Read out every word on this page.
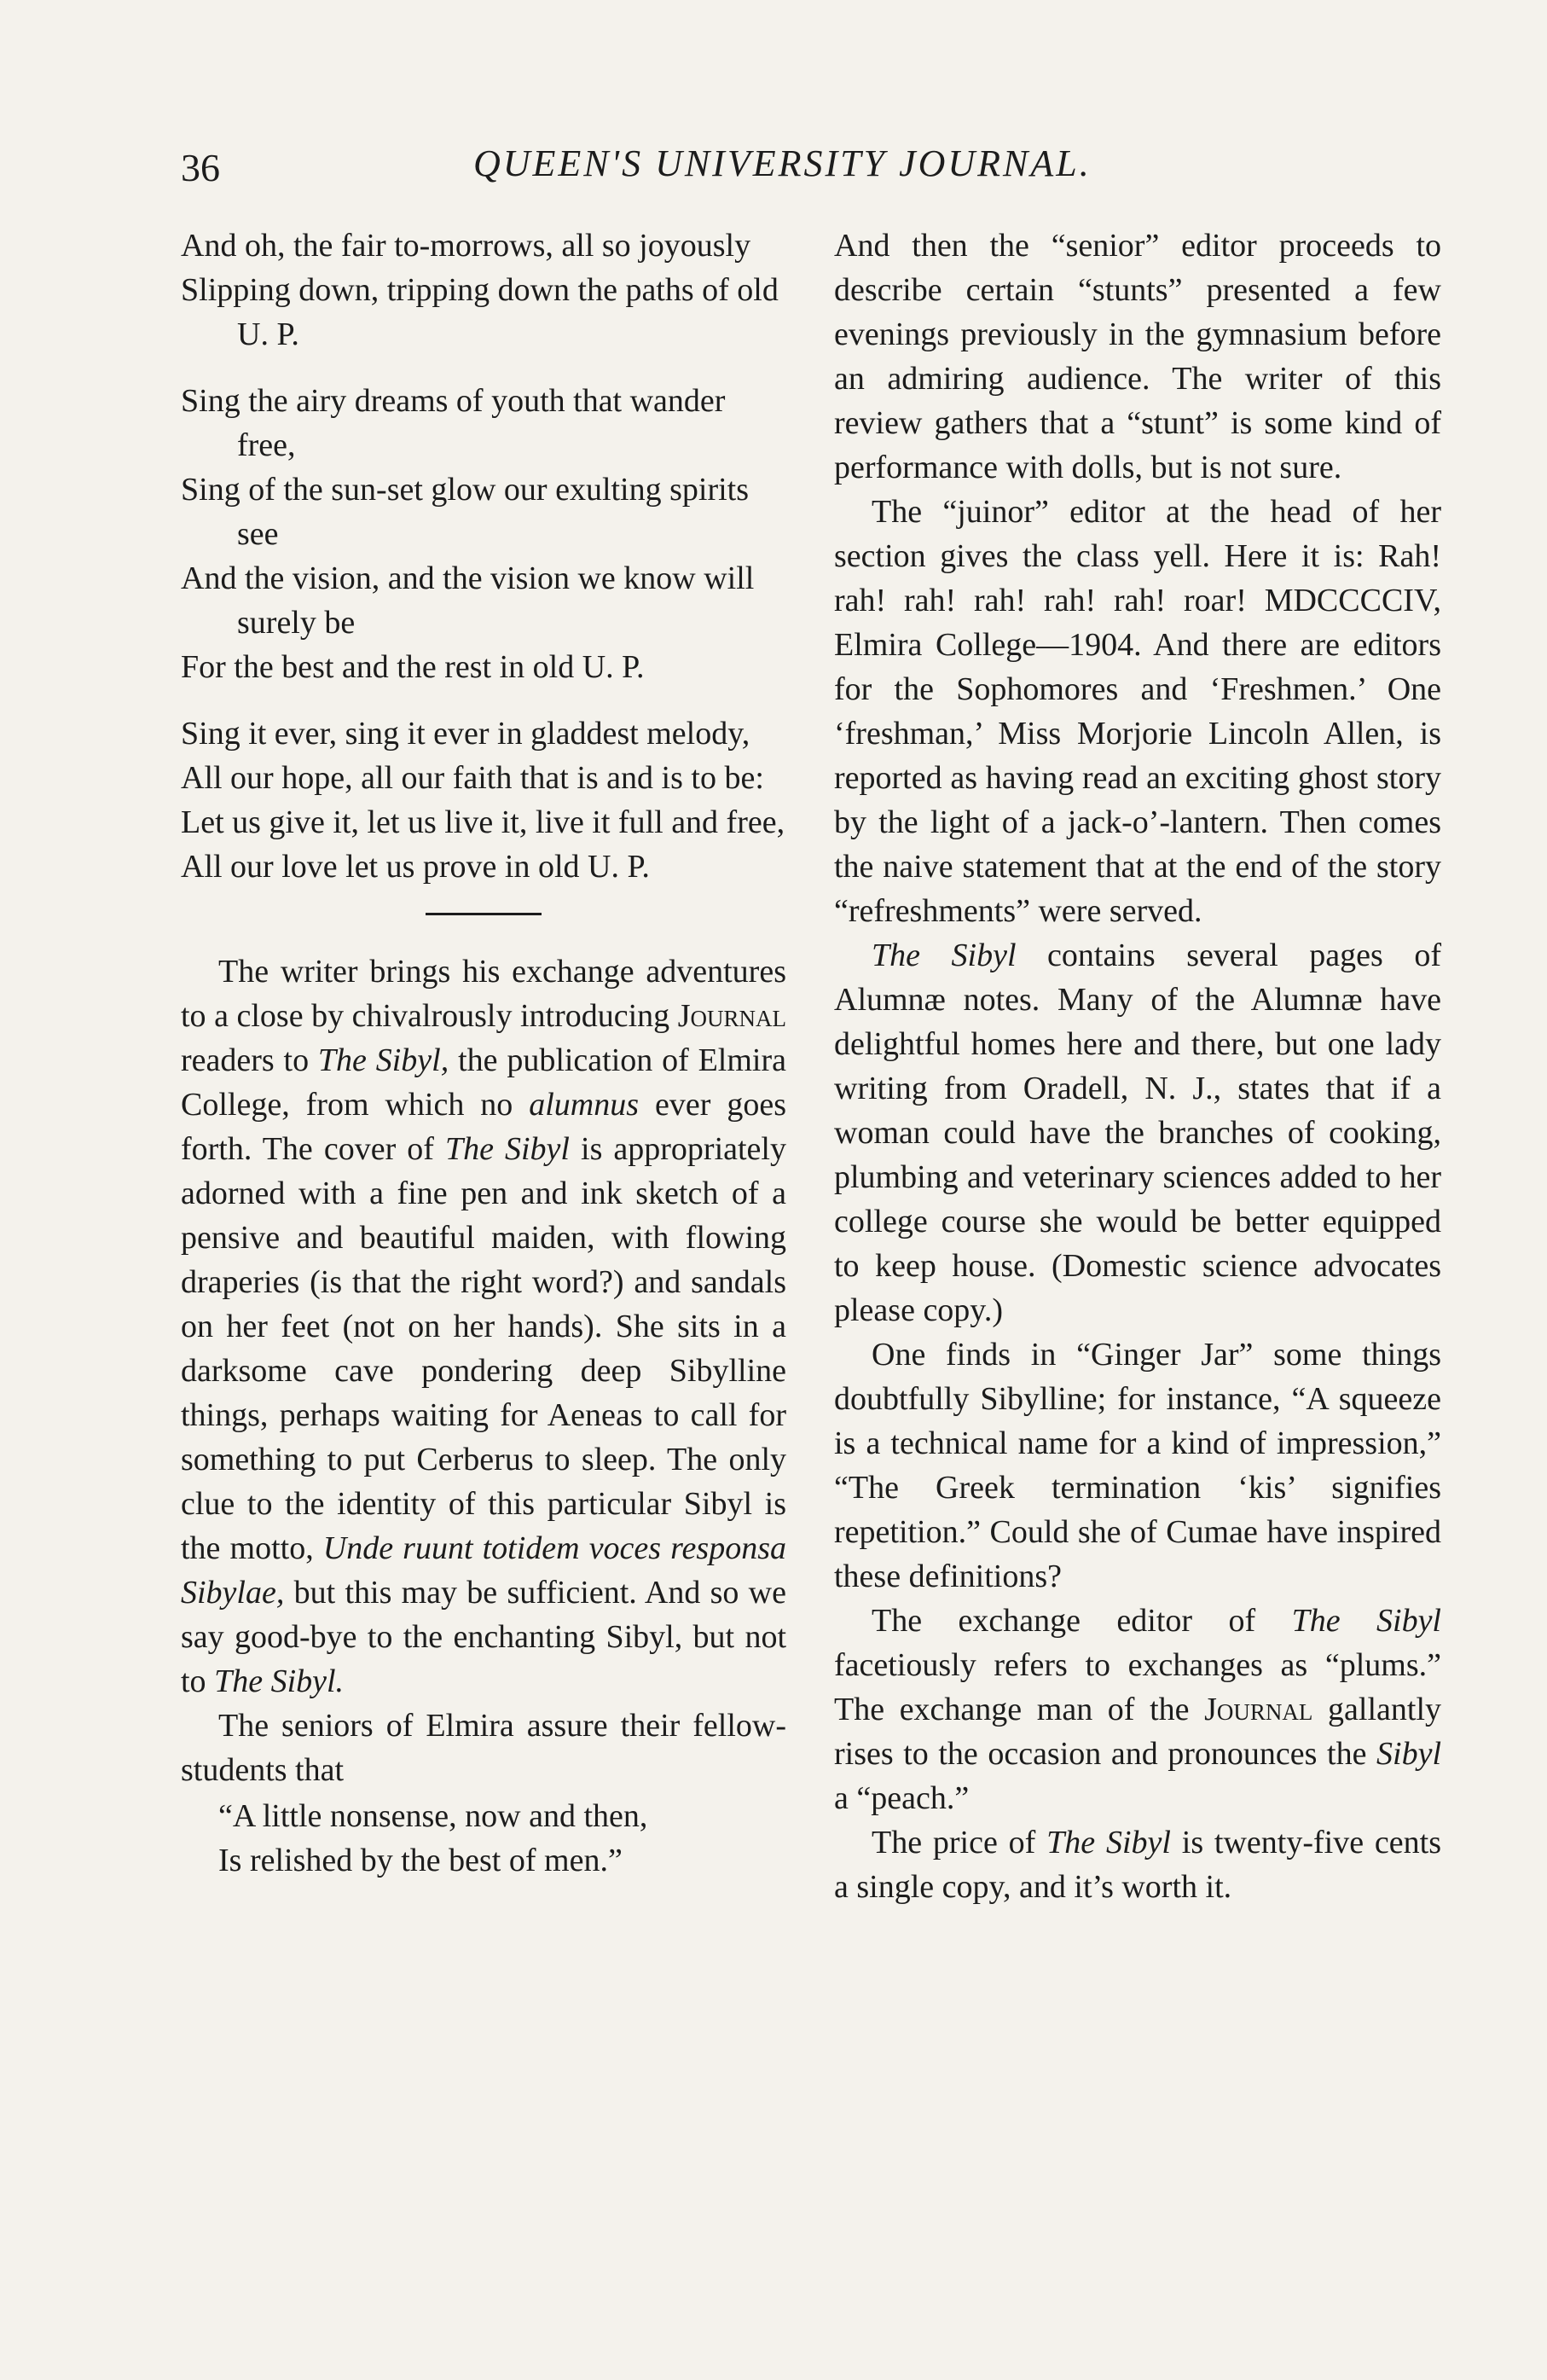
36	QUEEN'S UNIVERSITY JOURNAL.

And oh, the fair to-morrows, all so joyously

Slipping down, tripping down the paths of old U. P.

Sing the airy dreams of youth that wander free,

Sing of the sun-set glow our exulting spirits see

And the vision, and the vision we know will surely be

For the best and the rest in old U. P.

Sing it ever, sing it ever in gladdest melody,

All our hope, all our faith that is and is to be:

Let us give it, let us live it, live it full and free,

All our love let us prove in old U. P.

The writer brings his exchange adventures to a close by chivalrously introducing Journal readers to The Sibyl, the publication of Elmira College, from which no alumnus ever goes forth. The cover of The Sibyl is appropriately adorned with a fine pen and ink sketch of a pensive and beautiful maiden, with flowing draperies (is that the right word?) and sandals on her feet (not on her hands). She sits in a darksome cave pondering deep Sibylline things, perhaps waiting for Aeneas to call for something to put Cerberus to sleep. The only clue to the identity of this particular Sibyl is the motto, Unde ruunt totidem voces responsa Sibylae, but this may be sufficient. And so we say good-bye to the enchanting Sibyl, but not to The Sibyl.

The seniors of Elmira assure their fellow-students that

“A little nonsense, now and then,

Is relished by the best of men.”

And then the “senior” editor proceeds to describe certain “stunts” presented a few evenings previously in the gymnasium before an admiring audience. The writer of this review gathers that a “stunt” is some kind of performance with dolls, but is not sure.

The “juinor” editor at the head of her section gives the class yell. Here it is: Rah! rah! rah! rah! rah! rah! roar! MDCCCCIV, Elmira College—1904. And there are editors for the Sophomores and ‘Freshmen.’ One ‘freshman,’ Miss Morjorie Lincoln Allen, is reported as having read an exciting ghost story by the light of a jack-o’-lantern. Then comes the naive statement that at the end of the story “refreshments” were served.

The Sibyl contains several pages of Alumnæ notes. Many of the Alumnæ have delightful homes here and there, but one lady writing from Oradell, N. J., states that if a woman could have the branches of cooking, plumbing and veterinary sciences added to her college course she would be better equipped to keep house. (Domestic science advocates please copy.)

One finds in “Ginger Jar” some things doubtfully Sibylline; for instance, “A squeeze is a technical name for a kind of impression,” “The Greek termination ‘kis’ signifies repetition.” Could she of Cumae have inspired these definitions?

The exchange editor of The Sibyl facetiously refers to exchanges as “plums.” The exchange man of the Journal gallantly rises to the occasion and pronounces the Sibyl a “peach.”

The price of The Sibyl is twenty-five cents a single copy, and it’s worth it.
